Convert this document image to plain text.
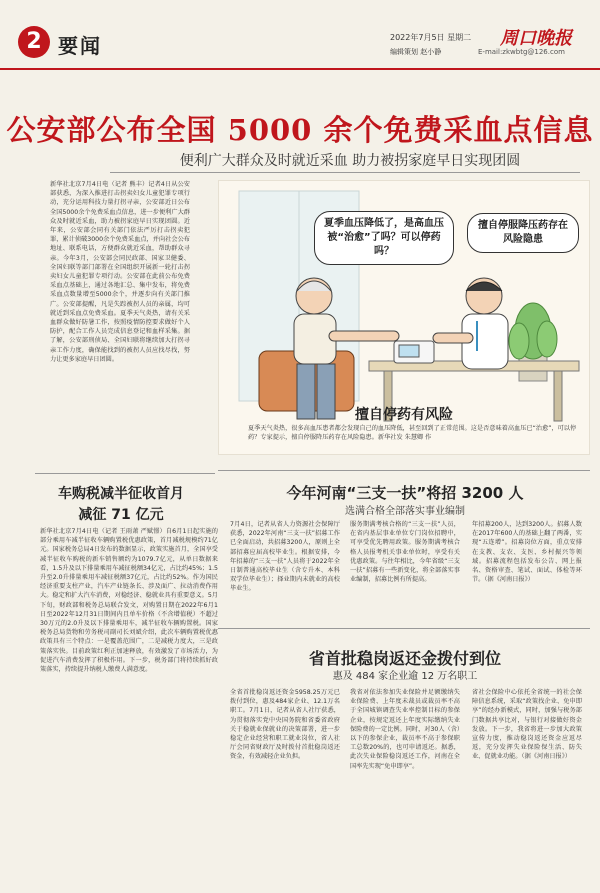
2 要闻	2022年7月5日 星期二
编辑策划 赵小静
周口晚报
E-mail:zkwbtg@126.com
公安部公布全国 5000 余个免费采血点信息
便利广大群众及时就近采血 助力被拐家庭早日实现团圆
新华社北京7月4日电（记者 熊丰）记者4日从公安部获悉，为深入推进打击拐卖妇女儿童犯罪专项行动，充分运用科技力量打拐寻亲，公安部近日公布全国5000余个免费采血点信息，进一步便利广大群众及时就近采血，助力被拐家庭早日实现团圆。近年来，公安部会同有关部门依法严厉打击拐卖犯罪，累计侦破3000余个免费采血点，并向社会公布地址、联系电话，方便群众就近采血，帮助群众寻亲。今年3月，公安部会同民政部、国家卫健委、全国妇联等部门部署在全国组织开展新一轮打击拐卖妇女儿童犯罪专项行动。公安部在此前公布免费采血点基础上，通过各地汇总、集中发布，将免费采血点数量增至5000余个，并逐步向有关部门推广。公安部提醒，凡是失踪被拐人员的亲属，均可就近到采血点免费采血。夏季天气炎热，请有关采血群众做好防暑工作，按照疫情防控要求做好个人防护，配合工作人员完成信息登记和血样采集。据了解，公安部刑侦局、全国妇联将继续加大打拐寻亲工作力度，确保能找到的被拐人员应找尽找，努力让更多家庭早日团圆。
车购税减半征收首月
减征 71 亿元
新华社北京7月4日电（记者 王雨萧 严赋憬）自6月1日起实施的部分乘用车减半征收车辆购置税优惠政策，首月减税规模约71亿元。国家税务总局4日发布的数据显示，政策实施首月，全国享受减半征收车购税的新车销售额约为1079.7亿元，从单日数据来看，1.5升及以下排量乘用车减征税额34亿元，占比约45%；1.5升至2.0升排量乘用车减征税额37亿元，占比约52%。作为国民经济重要支柱产业，汽车产业链条长、涉及面广、拉动消费作用大。稳定和扩大汽车消费，对稳经济、稳就业具有重要意义。5月下旬，财政部和税务总局联合发文，对购置日期在2022年6月1日至2022年12月31日期间内且单车价格（不含增值税）不超过30万元的2.0升及以下排量乘用车，减半征收车辆购置税。国家税务总局货物和劳务税司副司长刘斌介绍，此次车辆购置税优惠政策具有三个特点：一是覆盖范围广，二是减税力度大，三是政策落实快。目前政策红利正加速释放，有效激发了市场活力，为促进汽车消费发挥了积极作用。下一步，税务部门将持续抓好政策落实，持续提升纳税人缴费人满意度。
夏季血压降低了，是高血压被“治愈”了吗？可以停药吗？
擅自停服降压药存在风险隐患
擅自停药有风险
夏季天气炎热，很多高血压患者都会发现自己的血压降低，甚至回到了正常范围。这是否意味着高血压已“治愈”，可以停药？专家提示，擅自停服降压药存在风险隐患。新华社发 朱慧卿 作
今年河南“三支一扶”将招 3200 人
选满合格全部落实事业编制
7月4日，记者从省人力资源社会保障厅获悉，2022年河南“三支一扶”招募工作已全面启动，共招募3200人，原则上全部招募应届高校毕业生。根据安排，今年招募的“三支一扶”人员将于2022年全日制普通高校毕业生（含专升本、本科双学位毕业生）；择业期内未就业的高校毕业生。
服务期满考核合格的“三支一扶”人员，在省内基层事业单位专门岗位招聘中，可享受优先聘用政策。服务期满考核合格人员报考机关事业单位时，享受有关优惠政策。与往年相比，今年省级“三支一扶”招募有一些新变化，将全部落实事业编制，招募比例有所提高。
年招募200人，达到3200人。招募人数在2017年600人的基础上翻了两番，实现“五连增”。招募岗位方面，重点安排在支教、支农、支医、乡村振兴等领域。招募流程包括发布公告、网上报名、资格审查、笔试、面试、体检等环节。（据《河南日报》）
省首批稳岗返还金拨付到位
惠及 484 家企业逾 12 万名职工
全省首批稳岗返还资金5958.25万元已拨付到位，惠及484家企业、12.1万名职工。7月1日，记者从省人社厅获悉，为贯彻落实党中央国务院和省委省政府关于稳就业保就业的决策部署，进一步稳定企业经营和职工就业岗位，省人社厅会同省财政厅及时拨付首批稳岗返还资金，有效减轻企业负担。
我省对依法参加失业保险并足额缴纳失业保险费、上年度未裁员或裁员率不高于全国城镇调查失业率控制目标的参保企业，按规定返还上年度实际缴纳失业保险费的一定比例。同时，对30人（含）以下的参保企业，裁员率不高于参保职工总数20%的，也可申请返还。据悉，此次失业保险稳岗返还工作，河南在全国率先实现“免申即享”。
省社会保险中心依托全省统一的社会保障信息系统，采取“政策找企业、免申即享”的经办新模式，同时，加强与税务部门数据共享比对，与银行对接做好资金发放。下一步，我省将进一步加大政策宣传力度，推动稳岗返还资金应返尽返，充分发挥失业保险保生活、防失业、促就业功能。（据《河南日报》）
